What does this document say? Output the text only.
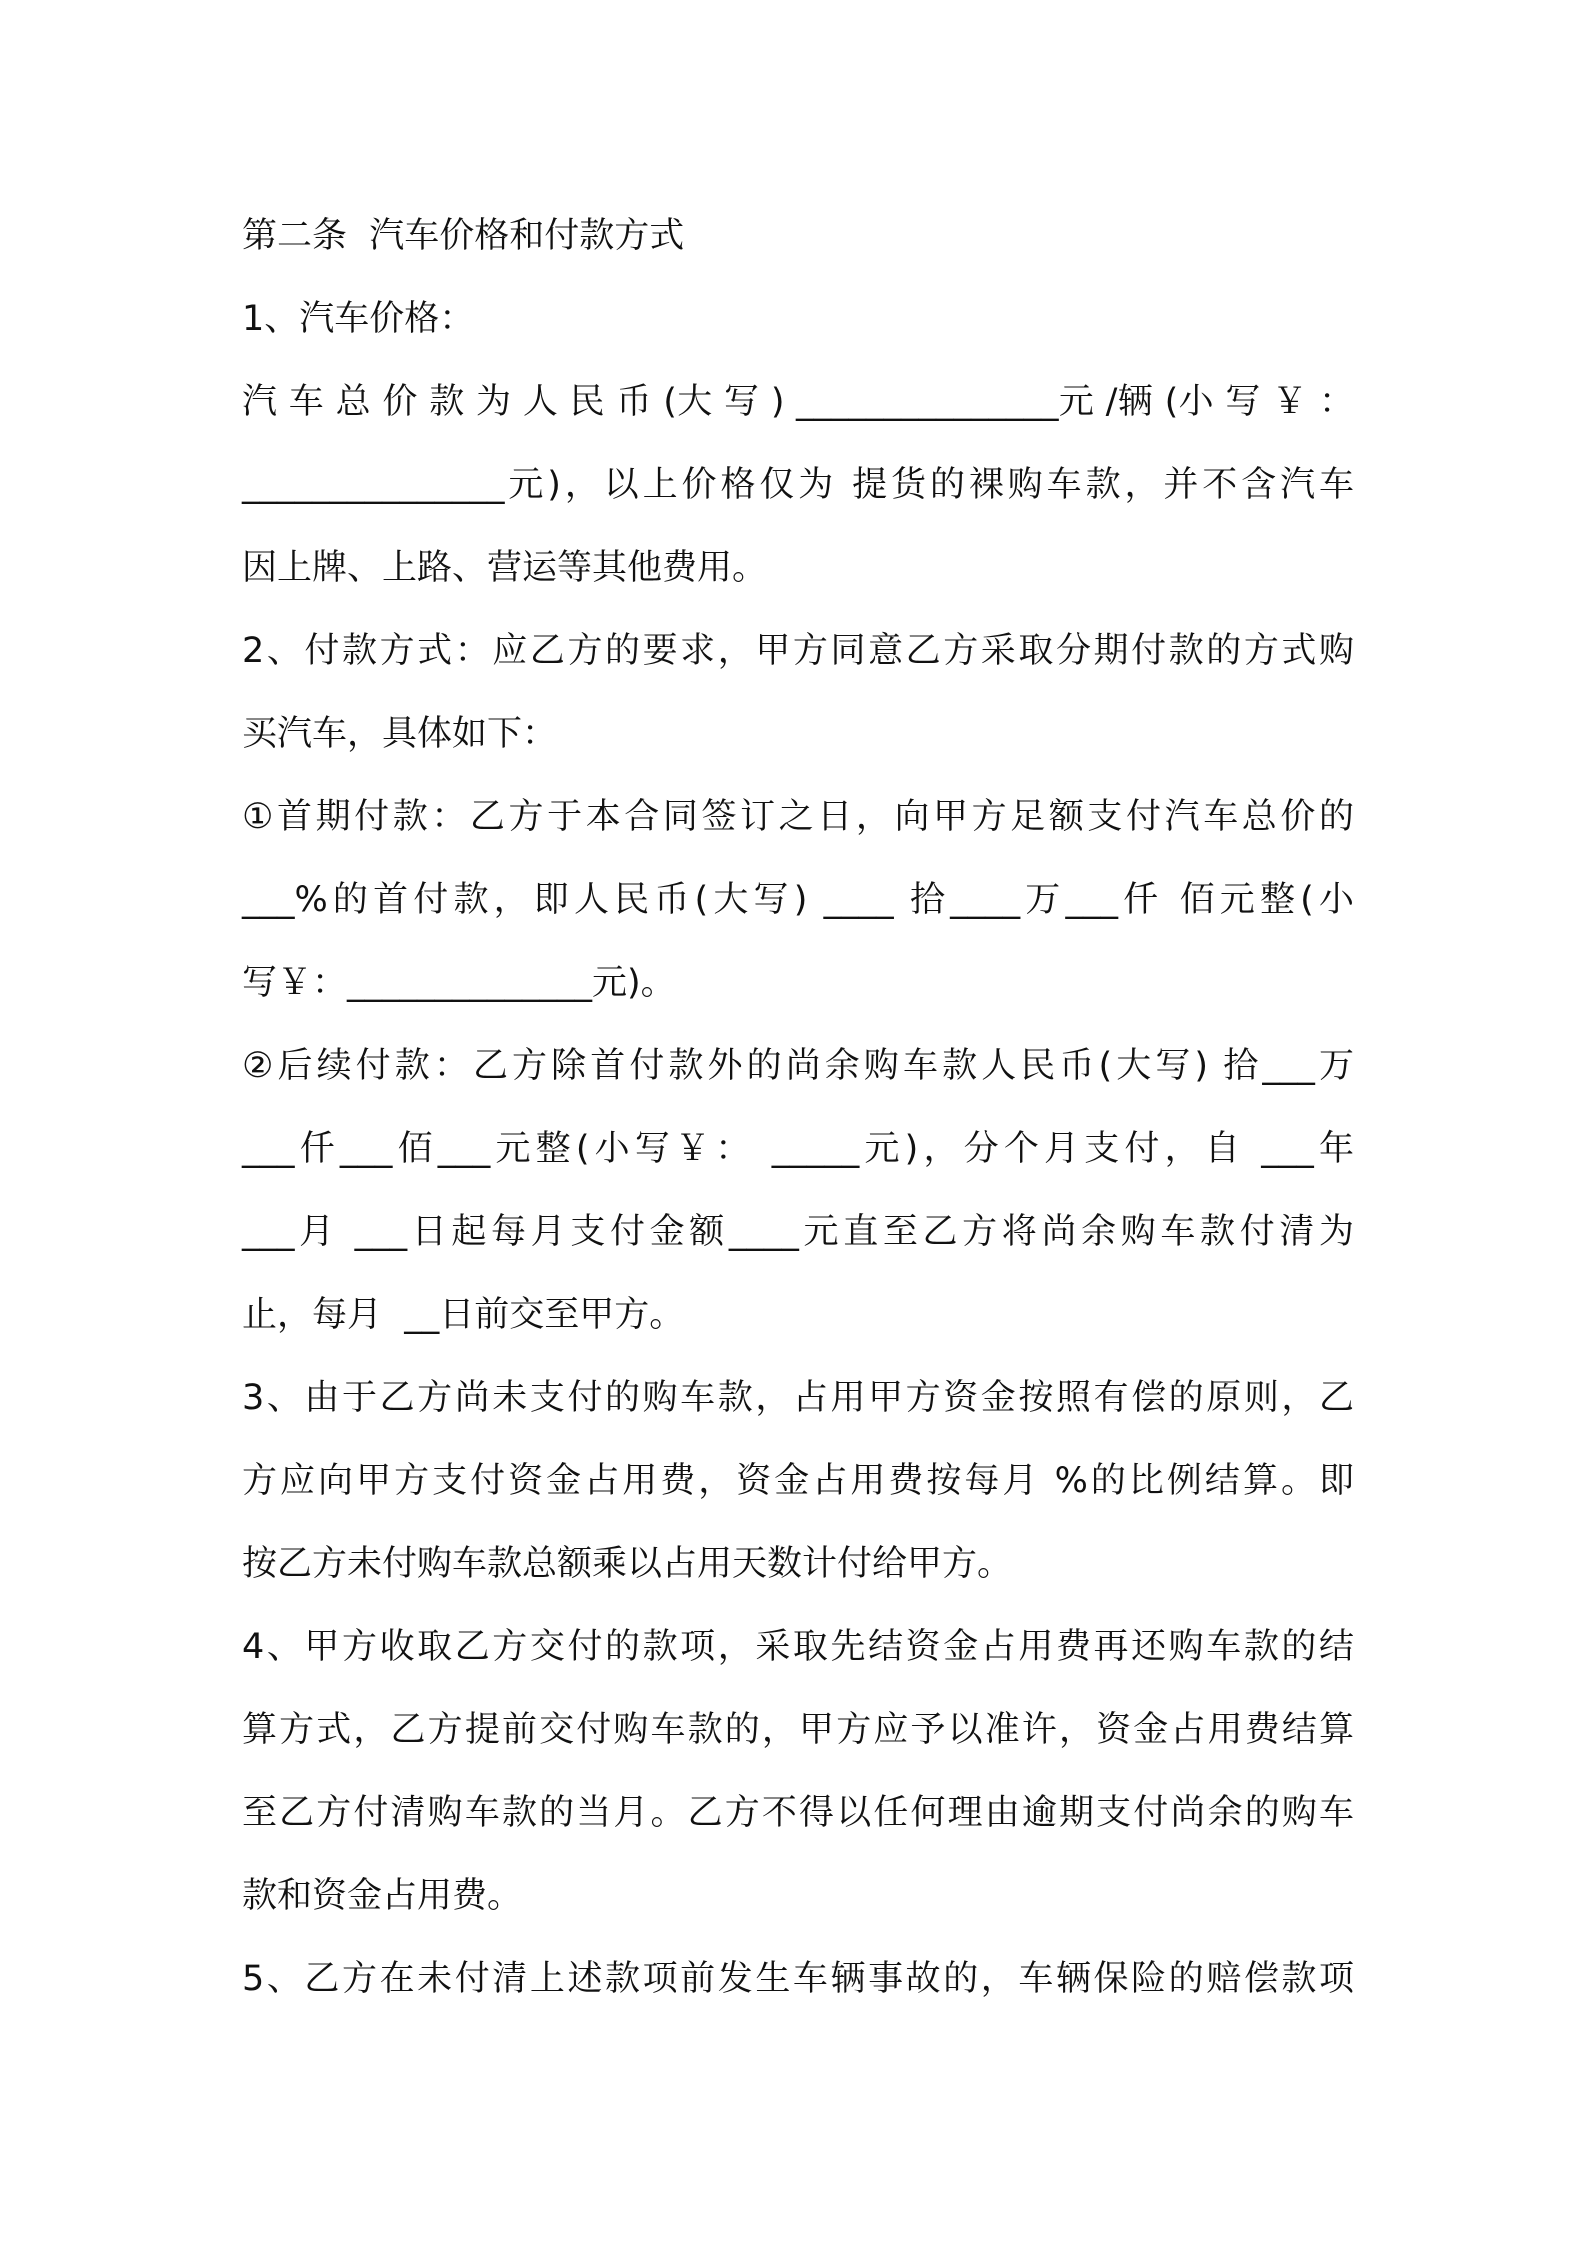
第二条  汽车价格和付款方式
1、汽车价格：
汽 车 总 价 款 为 人 民 币 (大 写 ) _______________元 /辆 (小 写 ￥ ：
_______________元)，以上价格仅为 提货的裸购车款，并不含汽车
因上牌、上路、营运等其他费用。
2、付款方式：应乙方的要求，甲方同意乙方采取分期付款的方式购
买汽车，具体如下：
①首期付款：乙方于本合同签订之日，向甲方足额支付汽车总价的
___%的首付款，即人民币(大写) ____ 拾____万___仟 佰元整(小
写￥：______________元)。
②后续付款：乙方除首付款外的尚余购车款人民币(大写) 拾___万
___仟___佰___元整(小写￥： _____元)，分个月支付，自 ___年
___月 ___日起每月支付金额____元直至乙方将尚余购车款付清为
止，每月  __日前交至甲方。
3、由于乙方尚未支付的购车款，占用甲方资金按照有偿的原则，乙
方应向甲方支付资金占用费，资金占用费按每月 %的比例结算。即
按乙方未付购车款总额乘以占用天数计付给甲方。
4、甲方收取乙方交付的款项，采取先结资金占用费再还购车款的结
算方式，乙方提前交付购车款的，甲方应予以准许，资金占用费结算
至乙方付清购车款的当月。乙方不得以任何理由逾期支付尚余的购车
款和资金占用费。
5、乙方在未付清上述款项前发生车辆事故的，车辆保险的赔偿款项
